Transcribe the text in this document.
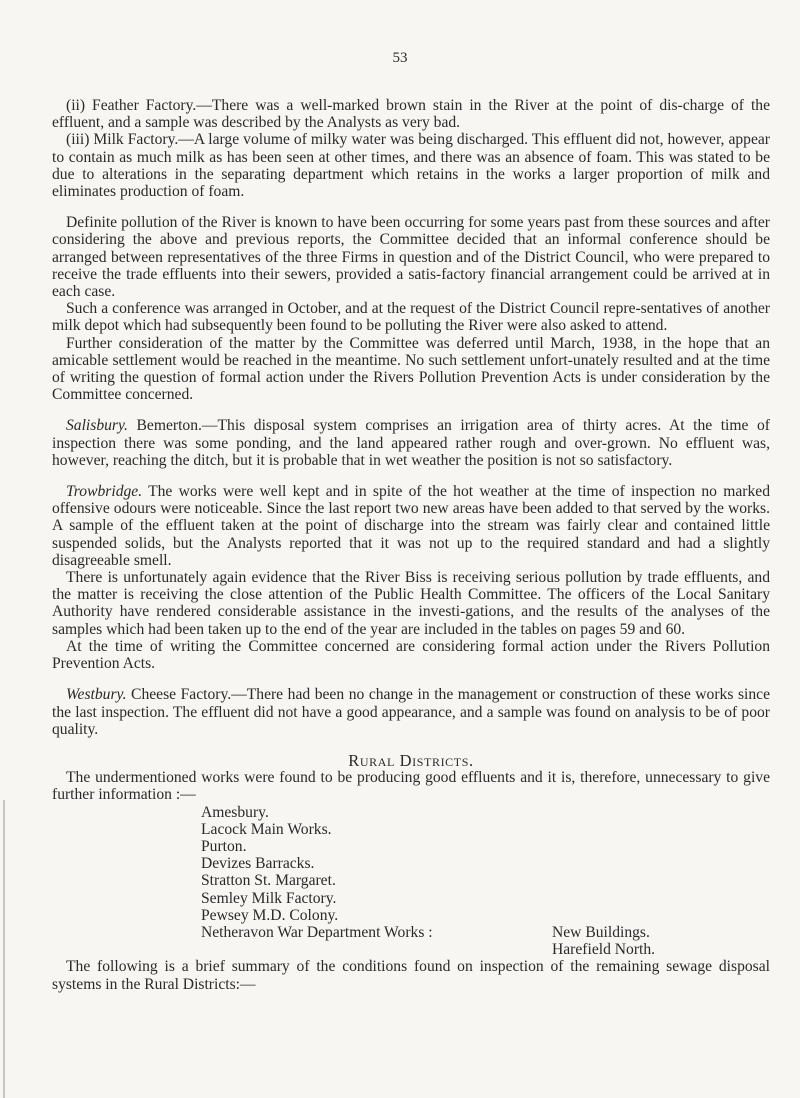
53

(ii) Feather Factory.—There was a well-marked brown stain in the River at the point of dis-charge of the effluent, and a sample was described by the Analysts as very bad.

(iii) Milk Factory.—A large volume of milky water was being discharged. This effluent did not, however, appear to contain as much milk as has been seen at other times, and there was an absence of foam. This was stated to be due to alterations in the separating department which retains in the works a larger proportion of milk and eliminates production of foam.

Definite pollution of the River is known to have been occurring for some years past from these sources and after considering the above and previous reports, the Committee decided that an informal conference should be arranged between representatives of the three Firms in question and of the District Council, who were prepared to receive the trade effluents into their sewers, provided a satis-factory financial arrangement could be arrived at in each case.

Such a conference was arranged in October, and at the request of the District Council repre-sentatives of another milk depot which had subsequently been found to be polluting the River were also asked to attend.

Further consideration of the matter by the Committee was deferred until March, 1938, in the hope that an amicable settlement would be reached in the meantime. No such settlement unfort-unately resulted and at the time of writing the question of formal action under the Rivers Pollution Prevention Acts is under consideration by the Committee concerned.

Salisbury. Bemerton.—This disposal system comprises an irrigation area of thirty acres. At the time of inspection there was some ponding, and the land appeared rather rough and over-grown. No effluent was, however, reaching the ditch, but it is probable that in wet weather the position is not so satisfactory.

Trowbridge. The works were well kept and in spite of the hot weather at the time of inspection no marked offensive odours were noticeable. Since the last report two new areas have been added to that served by the works. A sample of the effluent taken at the point of discharge into the stream was fairly clear and contained little suspended solids, but the Analysts reported that it was not up to the required standard and had a slightly disagreeable smell.

There is unfortunately again evidence that the River Biss is receiving serious pollution by trade effluents, and the matter is receiving the close attention of the Public Health Committee. The officers of the Local Sanitary Authority have rendered considerable assistance in the investi-gations, and the results of the analyses of the samples which had been taken up to the end of the year are included in the tables on pages 59 and 60.

At the time of writing the Committee concerned are considering formal action under the Rivers Pollution Prevention Acts.

Westbury. Cheese Factory.—There had been no change in the management or construction of these works since the last inspection. The effluent did not have a good appearance, and a sample was found on analysis to be of poor quality.

Rural Districts.

The undermentioned works were found to be producing good effluents and it is, therefore, unnecessary to give further information :—

Amesbury.
Lacock Main Works.
Purton.
Devizes Barracks.
Stratton St. Margaret.
Semley Milk Factory.
Pewsey M.D. Colony.
Netheravon War Department Works :	New Buildings.

Harefield North.

The following is a brief summary of the conditions found on inspection of the remaining sewage disposal systems in the Rural Districts:—
